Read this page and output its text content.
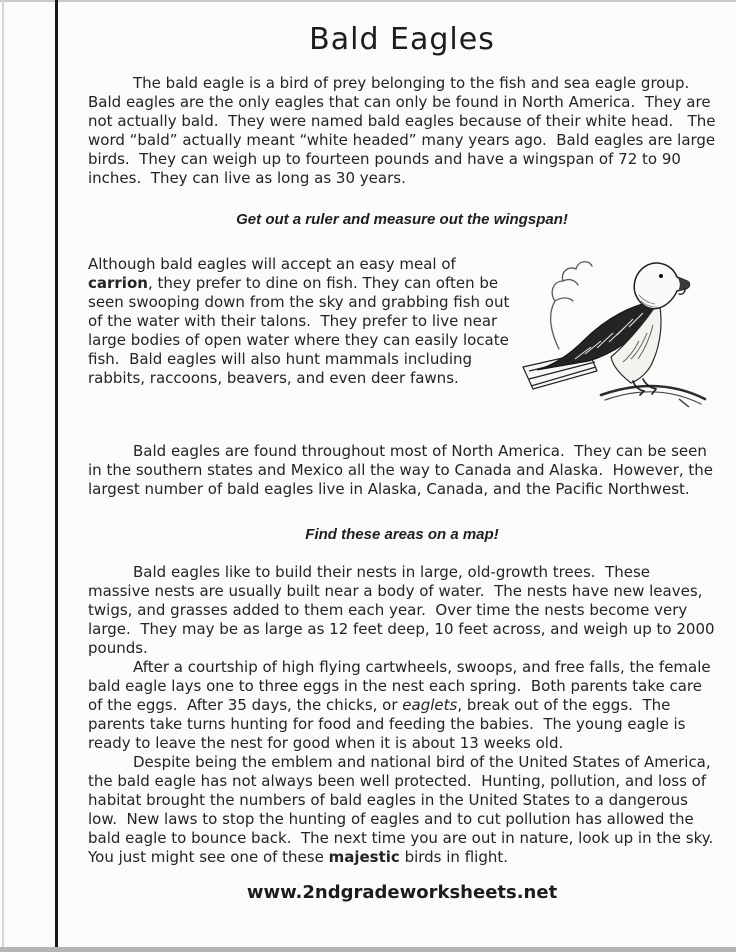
Bald Eagles

The bald eagle is a bird of prey belonging to the fish and sea eagle group.  Bald eagles are the only eagles that can only be found in North America.  They are not actually bald.  They were named bald eagles because of their white head.   The word “bald” actually meant “white headed” many years ago.  Bald eagles are large birds.  They can weigh up to fourteen pounds and have a wingspan of 72 to 90 inches.  They can live as long as 30 years.

Get out a ruler and measure out the wingspan!

Although bald eagles will accept an easy meal of carrion, they prefer to dine on fish. They can often be seen swooping down from the sky and grabbing fish out of the water with their talons.  They prefer to live near large bodies of open water where they can easily locate fish.  Bald eagles will also hunt mammals including rabbits, raccoons, beavers, and even deer fawns.

Bald eagles are found throughout most of North America.  They can be seen in the southern states and Mexico all the way to Canada and Alaska.  However, the largest number of bald eagles live in Alaska, Canada, and the Pacific Northwest.

Find these areas on a map!

Bald eagles like to build their nests in large, old-growth trees.  These massive nests are usually built near a body of water.  The nests have new leaves, twigs, and grasses added to them each year.  Over time the nests become very large.  They may be as large as 12 feet deep, 10 feet across, and weigh up to 2000 pounds.

After a courtship of high flying cartwheels, swoops, and free falls, the female bald eagle lays one to three eggs in the nest each spring.  Both parents take care of the eggs.  After 35 days, the chicks, or eaglets, break out of the eggs.  The parents take turns hunting for food and feeding the babies.  The young eagle is ready to leave the nest for good when it is about 13 weeks old.

Despite being the emblem and national bird of the United States of America, the bald eagle has not always been well protected.  Hunting, pollution, and loss of habitat brought the numbers of bald eagles in the United States to a dangerous low.  New laws to stop the hunting of eagles and to cut pollution has allowed the bald eagle to bounce back.  The next time you are out in nature, look up in the sky.  You just might see one of these majestic birds in flight.

www.2ndgradeworksheets.net
